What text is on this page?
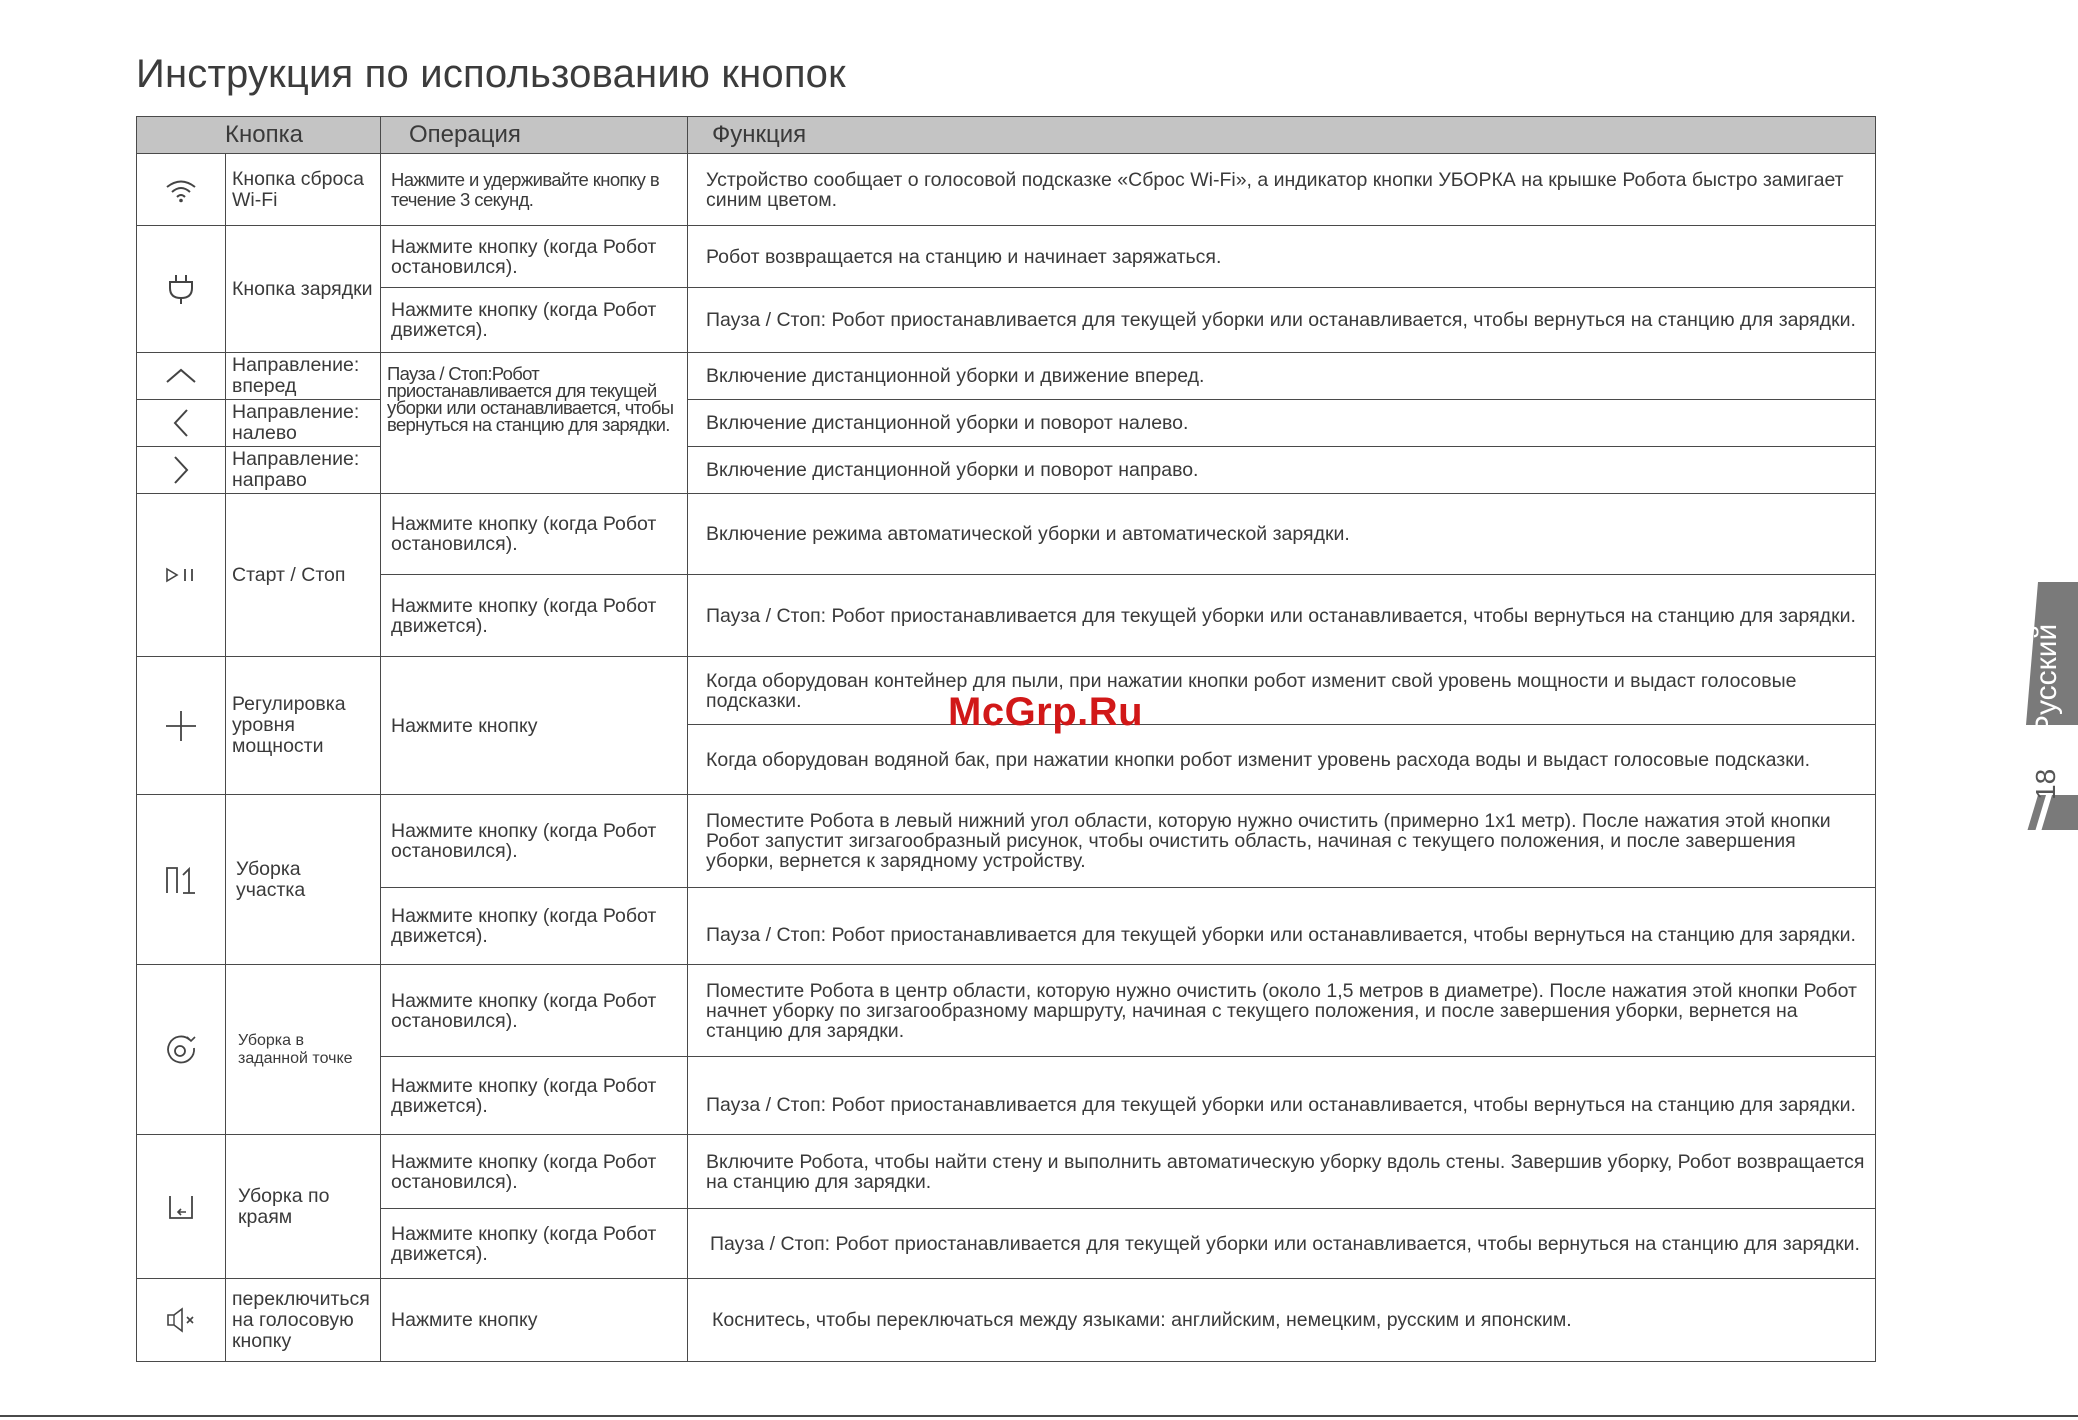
Инструкция по использованию кнопок
Кнопка		Операция	Функция
	Кнопка сброса Wi-Fi	Нажмите и удерживайте кнопку в течение 3 секунд.	Устройство сообщает о голосовой подсказке «Сброс Wi-Fi», а индикатор кнопки УБОРКА на крышке Робота быстро замигает синим цветом.
	Кнопка зарядки	Нажмите кнопку (когда Робот остановился).	Робот возвращается на станцию и начинает заряжаться.
		Нажмите кнопку (когда Робот движется).	Пауза / Стоп: Робот приостанавливается для текущей уборки или останавливается, чтобы вернуться на станцию для зарядки.
	Направление: вперед	Пауза / Стоп:Робот приостанавливается для текущей уборки или останавливается, чтобы вернуться на станцию для зарядки.	Включение дистанционной уборки и движение вперед.
	Направление: налево		Включение дистанционной уборки и поворот налево.
	Направление: направо		Включение дистанционной уборки и поворот направо.
	Старт / Стоп	Нажмите кнопку (когда Робот остановился).	Включение режима автоматической уборки и автоматической зарядки.
		Нажмите кнопку (когда Робот движется).	Пауза / Стоп: Робот приостанавливается для текущей уборки или останавливается, чтобы вернуться на станцию для зарядки.
	Регулировка уровня мощности	Нажмите кнопку	Когда оборудован контейнер для пыли, при нажатии кнопки робот изменит свой уровень мощности и выдаст голосовые подсказки.
			Когда оборудован водяной бак, при нажатии кнопки робот изменит уровень расхода воды и выдаст голосовые подсказки.
	Уборка участка	Нажмите кнопку (когда Робот остановился).	Поместите Робота в левый нижний угол области, которую нужно очистить (примерно 1x1 метр). После нажатия этой кнопки Робот запустит зигзагообразный рисунок, чтобы очистить область, начиная с текущего положения, и после завершения уборки, вернется к зарядному устройству.
		Нажмите кнопку (когда Робот движется).	Пауза / Стоп: Робот приостанавливается для текущей уборки или останавливается, чтобы вернуться на станцию для зарядки.
	Уборка в заданной точке	Нажмите кнопку (когда Робот остановился).	Поместите Робота в центр области, которую нужно очистить (около 1,5 метров в диаметре). После нажатия этой кнопки Робот начнет уборку по зигзагообразному маршруту, начиная с текущего положения, и после завершения уборки, вернется на станцию для зарядки.
		Нажмите кнопку (когда Робот движется).	Пауза / Стоп: Робот приостанавливается для текущей уборки или останавливается, чтобы вернуться на станцию для зарядки.
	Уборка по краям	Нажмите кнопку (когда Робот остановился).	Включите Робота, чтобы найти стену и выполнить автоматическую уборку вдоль стены. Завершив уборку, Робот возвращается на станцию для зарядки.
		Нажмите кнопку (когда Робот движется).	Пауза / Стоп: Робот приостанавливается для текущей уборки или останавливается, чтобы вернуться на станцию для зарядки.
	переключиться на голосовую кнопку	Нажмите кнопку	Коснитесь, чтобы переключаться между языками: английским, немецким, русским и японским.
McGrp.Ru	Русский
18
